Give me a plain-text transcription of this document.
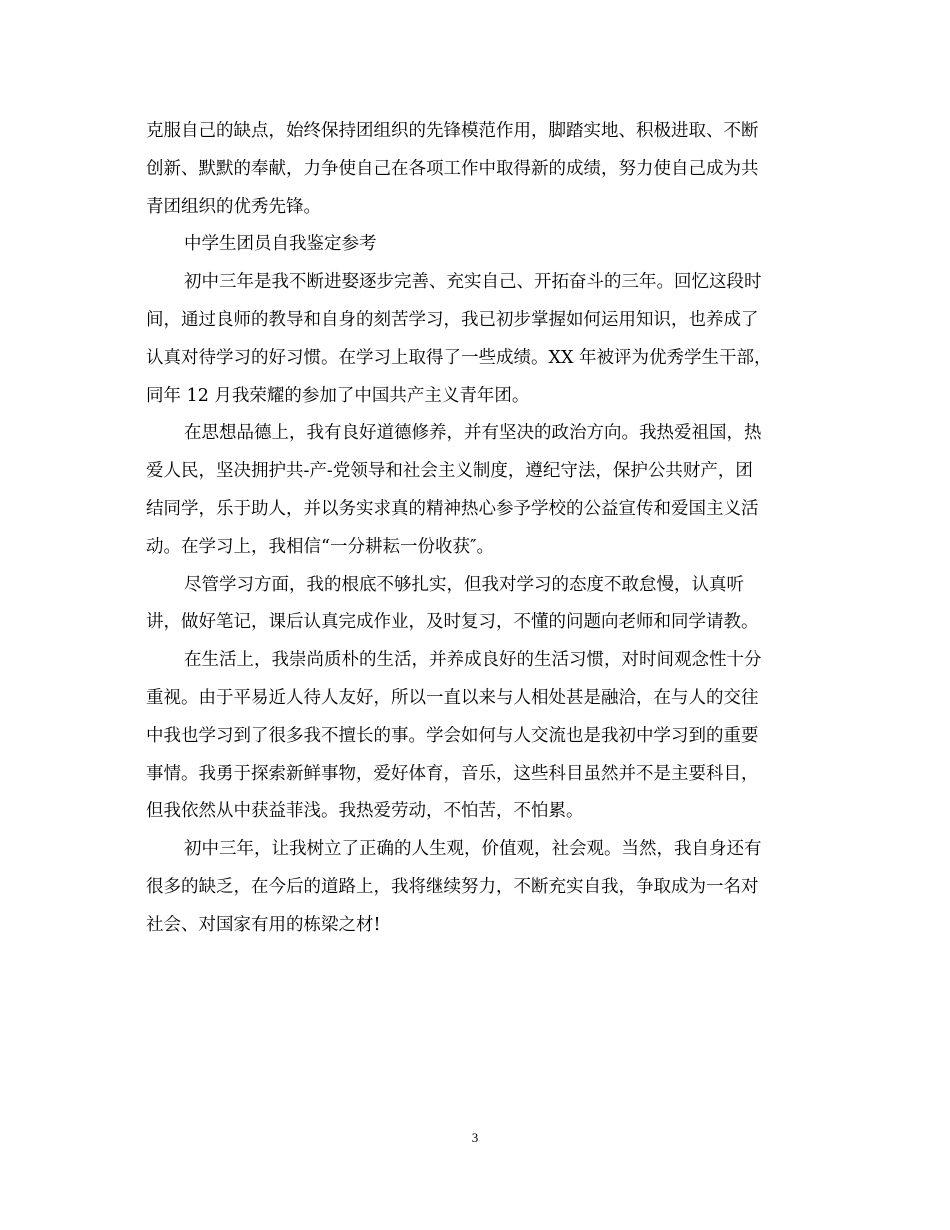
克服自己的缺点，始终保持团组织的先锋模范作用，脚踏实地、积极进取、不断
创新、默默的奉献，力争使自己在各项工作中取得新的成绩，努力使自己成为共
青团组织的优秀先锋。
中学生团员自我鉴定参考
初中三年是我不断进娶逐步完善、充实自己、开拓奋斗的三年。回忆这段时
间，通过良师的教导和自身的刻苦学习，我已初步掌握如何运用知识，也养成了
认真对待学习的好习惯。在学习上取得了一些成绩。XX 年被评为优秀学生干部，
同年 12 月我荣耀的参加了中国共产主义青年团。
在思想品德上，我有良好道德修养，并有坚决的政治方向。我热爱祖国，热
爱人民，坚决拥护共-产-党领导和社会主义制度，遵纪守法，保护公共财产，团
结同学，乐于助人，并以务实求真的精神热心参予学校的公益宣传和爱国主义活
动。在学习上，我相信“一分耕耘一份收获″。
尽管学习方面，我的根底不够扎实，但我对学习的态度不敢怠慢，认真听
讲，做好笔记，课后认真完成作业，及时复习，不懂的问题向老师和同学请教。
在生活上，我崇尚质朴的生活，并养成良好的生活习惯，对时间观念性十分
重视。由于平易近人待人友好，所以一直以来与人相处甚是融洽，在与人的交往
中我也学习到了很多我不擅长的事。学会如何与人交流也是我初中学习到的重要
事情。我勇于探索新鲜事物，爱好体育，音乐，这些科目虽然并不是主要科目，
但我依然从中获益菲浅。我热爱劳动，不怕苦，不怕累。
初中三年，让我树立了正确的人生观，价值观，社会观。当然，我自身还有
很多的缺乏，在今后的道路上，我将继续努力，不断充实自我，争取成为一名对
社会、对国家有用的栋梁之材!
3
